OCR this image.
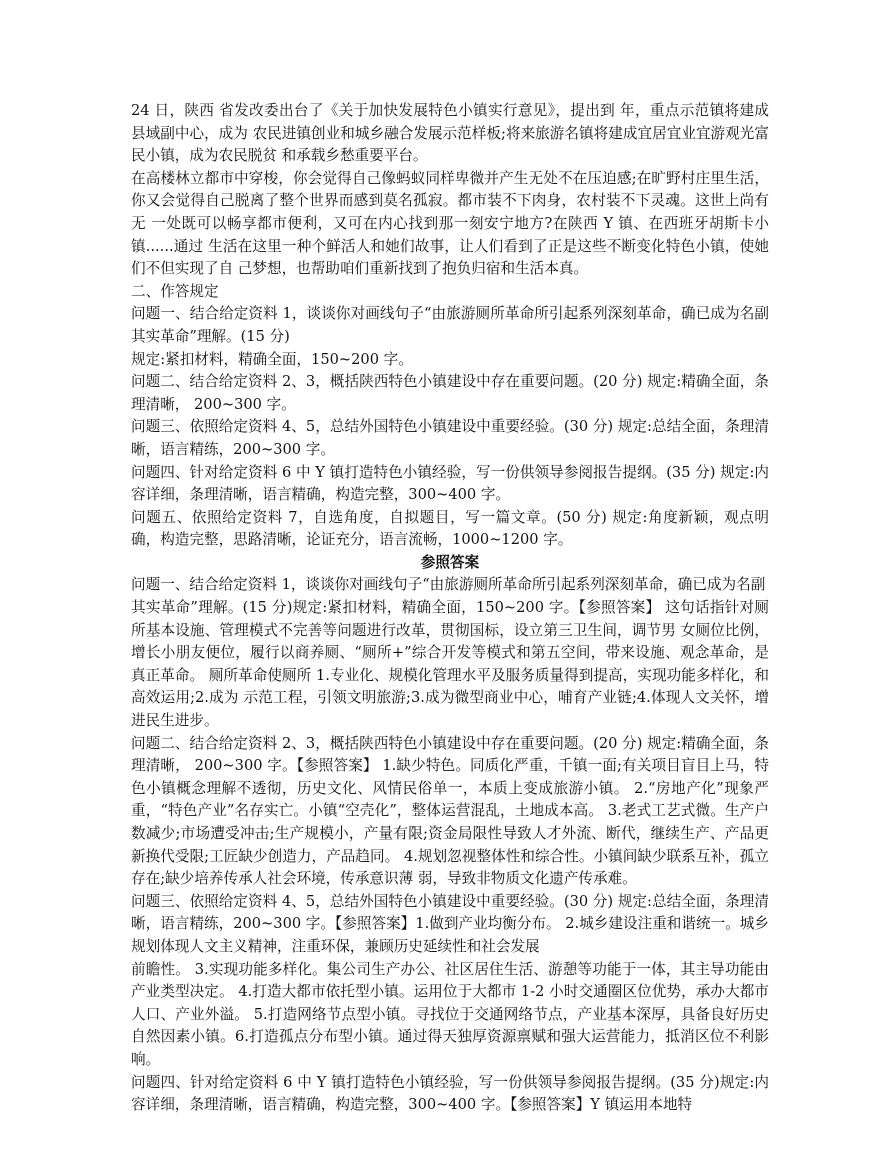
24 日，陕西 省发改委出台了《关于加快发展特色小镇实行意见》，提出到 年，重点示范镇将建成县域副中心，成为 农民进镇创业和城乡融合发展示范样板;将来旅游名镇将建成宜居宜业宜游观光富民小镇，成为农民脱贫 和承载乡愁重要平台。

在高楼林立都市中穿梭，你会觉得自己像蚂蚁同样卑微并产生无处不在压迫感;在旷野村庄里生活，你又会觉得自己脱离了整个世界而感到莫名孤寂。都市装不下肉身，农村装不下灵魂。这世上尚有无 一处既可以畅享都市便利，又可在内心找到那一刻安宁地方?在陕西 Y 镇、在西班牙胡斯卡小镇......通过 生活在这里一种个鲜活人和她们故事，让人们看到了正是这些不断变化特色小镇，使她们不但实现了自 己梦想，也帮助咱们重新找到了抱负归宿和生活本真。

二、作答规定

问题一、结合给定资料 1，谈谈你对画线句子“由旅游厕所革命所引起系列深刻革命，确已成为名副 其实革命”理解。(15 分)

规定:紧扣材料，精确全面，150~200 字。

问题二、结合给定资料 2、3，概括陕西特色小镇建设中存在重要问题。(20 分) 规定:精确全面，条理清晰， 200~300 字。

问题三、依照给定资料 4、5，总结外国特色小镇建设中重要经验。(30 分) 规定:总结全面，条理清晰，语言精练，200~300 字。

问题四、针对给定资料 6 中 Y 镇打造特色小镇经验，写一份供领导参阅报告提纲。(35 分) 规定:内容详细，条理清晰，语言精确，构造完整，300~400 字。

问题五、依照给定资料 7，自选角度，自拟题目，写一篇文章。(50 分) 规定:角度新颖，观点明确，构造完整，思路清晰，论证充分，语言流畅，1000~1200 字。

参照答案

问题一、结合给定资料 1，谈谈你对画线句子“由旅游厕所革命所引起系列深刻革命，确已成为名副

其实革命”理解。(15 分)规定:紧扣材料，精确全面，150~200 字。【参照答案】 这句话指针对厕所基本设施、管理模式不完善等问题进行改革，贯彻国标，设立第三卫生间，调节男 女厕位比例，增长小朋友便位，履行以商养厕、“厕所+”综合开发等模式和第五空间，带来设施、观念革命，是 真正革命。 厕所革命使厕所 1.专业化、规模化管理水平及服务质量得到提高，实现功能多样化，和高效运用;2.成为 示范工程，引领文明旅游;3.成为微型商业中心，哺育产业链;4.体现人文关怀，增进民生进步。

问题二、结合给定资料 2、3，概括陕西特色小镇建设中存在重要问题。(20 分) 规定:精确全面，条理清晰， 200~300 字。【参照答案】 1.缺少特色。同质化严重，千镇一面;有关项目盲目上马，特色小镇概念理解不透彻，历史文化、风情民俗单一，本质上变成旅游小镇。 2.“房地产化”现象严重，“特色产业”名存实亡。小镇“空壳化”，整体运营混乱，土地成本高。 3.老式工艺式微。生产户数减少;市场遭受冲击;生产规模小，产量有限;资金局限性导致人才外流、断代，继续生产、产品更新换代受限;工匠缺少创造力，产品趋同。 4.规划忽视整体性和综合性。小镇间缺少联系互补，孤立存在;缺少培养传承人社会环境，传承意识薄 弱，导致非物质文化遗产传承难。

问题三、依照给定资料 4、5，总结外国特色小镇建设中重要经验。(30 分) 规定:总结全面，条理清晰，语言精练，200~300 字。【参照答案】1.做到产业均衡分布。 2.城乡建设注重和谐统一。城乡规划体现人文主义精神，注重环保，兼顾历史延续性和社会发展

前瞻性。 3.实现功能多样化。集公司生产办公、社区居住生活、游憩等功能于一体，其主导功能由产业类型决定。 4.打造大都市依托型小镇。运用位于大都市 1-2 小时交通圈区位优势，承办大都市人口、产业外溢。 5.打造网络节点型小镇。寻找位于交通网络节点，产业基本深厚，具备良好历史自然因素小镇。6.打造孤点分布型小镇。通过得天独厚资源禀赋和强大运营能力，抵消区位不利影响。

问题四、针对给定资料 6 中 Y 镇打造特色小镇经验，写一份供领导参阅报告提纲。(35 分)规定:内容详细，条理清晰，语言精确，构造完整，300~400 字。【参照答案】Y 镇运用本地特
